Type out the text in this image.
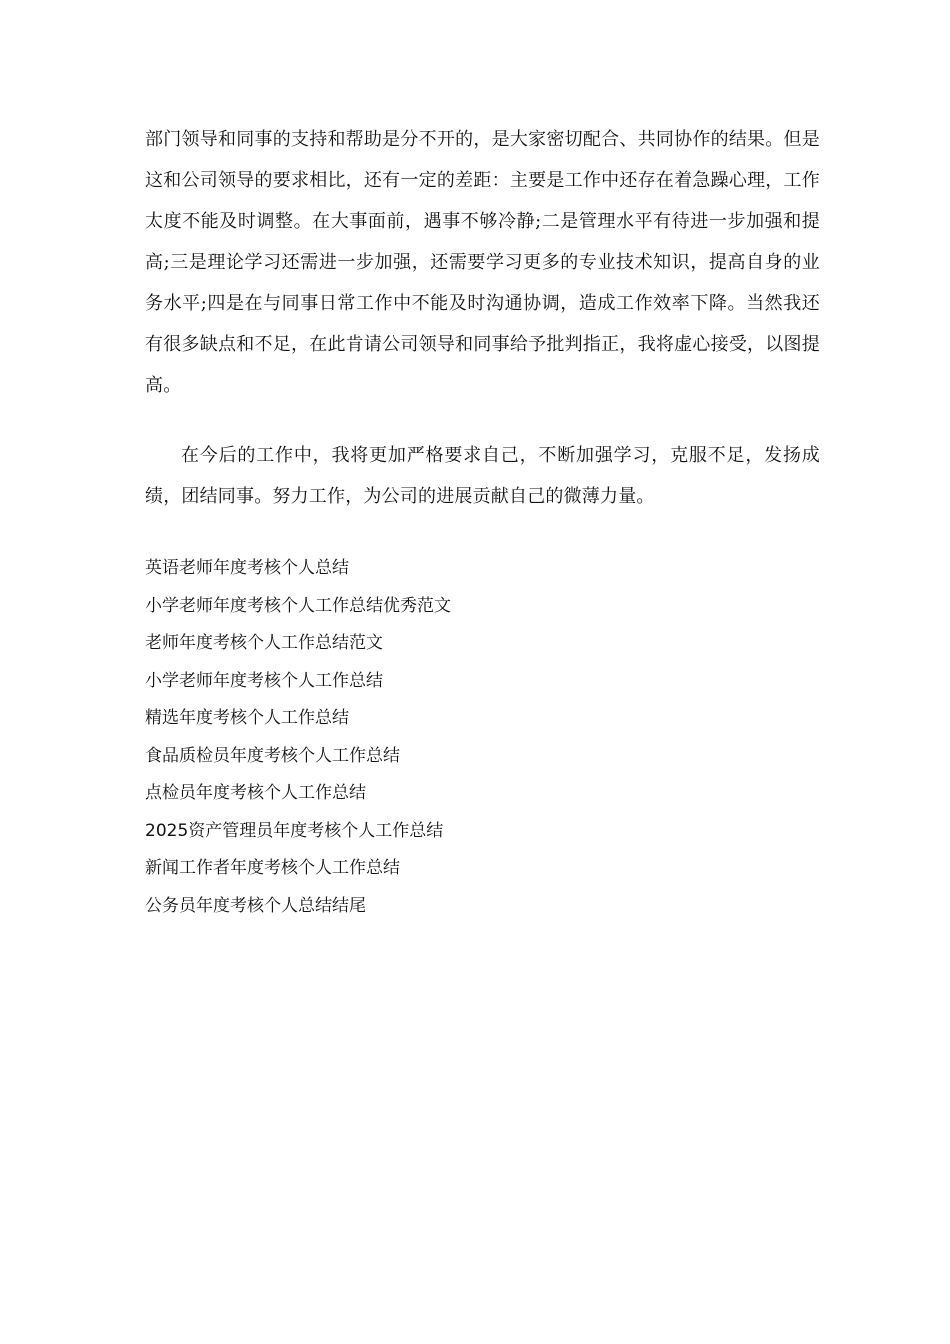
部门领导和同事的支持和帮助是分不开的，是大家密切配合、共同协作的结果。但是这和公司领导的要求相比，还有一定的差距：主要是工作中还存在着急躁心理，工作太度不能及时调整。在大事面前，遇事不够冷静;二是管理水平有待进一步加强和提高;三是理论学习还需进一步加强，还需要学习更多的专业技术知识，提高自身的业务水平;四是在与同事日常工作中不能及时沟通协调，造成工作效率下降。当然我还有很多缺点和不足，在此肯请公司领导和同事给予批判指正，我将虚心接受，以图提高。

在今后的工作中，我将更加严格要求自己，不断加强学习，克服不足，发扬成绩，团结同事。努力工作，为公司的进展贡献自己的微薄力量。

英语老师年度考核个人总结
小学老师年度考核个人工作总结优秀范文
老师年度考核个人工作总结范文
小学老师年度考核个人工作总结
精选年度考核个人工作总结
食品质检员年度考核个人工作总结
点检员年度考核个人工作总结
2025资产管理员年度考核个人工作总结
新闻工作者年度考核个人工作总结
公务员年度考核个人总结结尾
